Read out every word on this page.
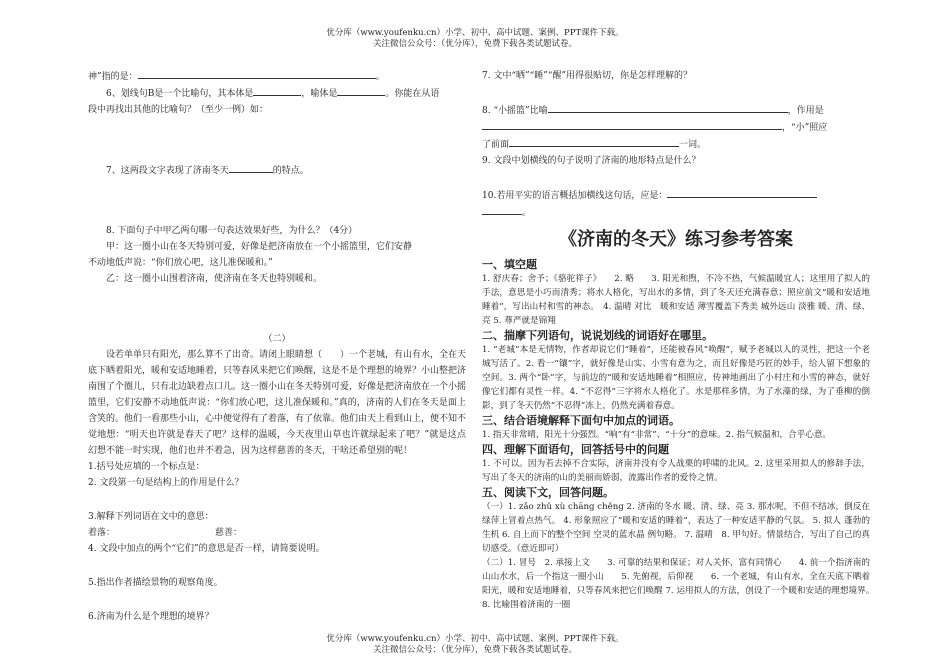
优分库（www.youfenku.cn）小学、初中、高中试题、案例、PPT课件下载。
关注微信公众号：（优分库），免费下载各类试题试卷。

神”指的是：	。

6、划线句B是一个比喻句，其本体是	，喻体是	。你能在从语

段中再找出其他的比喻句？（至少一例）如：

7、这两段文字表现了济南冬天	的特点。

8. 下面句子中甲乙两句哪一句表达效果好些，为什么？（4分）

甲：这一圈小山在冬天特别可爱，好像是把济南放在一个小摇篮里，它们安静

不动地低声说：“你们放心吧，这儿准保暖和。”

乙：这一圈小山围着济南，使济南在冬天也特别暖和。

（二）

设若单单只有阳光，那么算不了出奇。请闭上眼睛想（　　）一个老城，有山有水，全在天底下晒着阳光，暖和安适地睡着，只等春风来把它们唤醒，这是不是个理想的境界？小山整把济南围了个圈儿，只有北边缺着点口儿。这一圈小山在冬天特别可爱，好像是把济南放在一个小摇篮里，它们安静不动地低声说：“你们放心吧，这儿准保暖和。”真的，济南的人们在冬天是面上含笑的。他们一看那些小山，心中便觉得有了着落，有了依靠。他们由天上看到山上，便不知不觉地想：“明天也许就是春天了吧？这样的温暖，今天夜里山草也许就绿起来了吧？”就是这点幻想不能一时实现，他们也并不着急，因为这样慈善的冬天，干啥还希望别的呢！

1.括号处应填的一个标点是：

2. 文段第一句是结构上的作用是什么？

3.解释下列词语在文中的意思：

着落：	慈善：

4. 文段中加点的两个“它们”的意思是否一样，请简要说明。

5.指出作者描绘景物的观察角度。

6.济南为什么是个理想的境界？

7. 文中“晒”“睡”“醒”用得很贴切，你是怎样理解的？

8. “小摇篮”比喻	，作用是

，“小”照应

了前面	一词。

9. 文段中划横线的句子说明了济南的地形特点是什么？

10.若用平实的语言概括加横线这句话，应是：

。

《济南的冬天》练习参考答案

一、填空题

1. 舒庆春；舍予；《骆驼祥子》　　2. 略　　3. 阳光和煦，不冷不热，气候温暖宜人；这里用了拟人的手法，意思是小巧而清秀；将水人格化，写出水的多情，到了冬天还充满春意；照应前文“暖和安适地睡着”，写出山村和雪的神态。　4. 温晴 对比　暖和安适 薄雪覆盖下秀美 城外远山 淡雅 暖、清、绿、亮 5. 尊严就是锦翔

二、揣摩下列语句，说说划线的词语好在哪里。

1. “老城”本是无情物，作者却说它们“睡着”，还能被春风“唤醒”，赋予老城以人的灵性，把这一个老城写活了。2. 看一“镶”字，就好像是山实、小雪有意为之，而且好像是巧匠的妙手，给人留下想象的空间。3. 两个“卧”字，与前边的“暖和安适地睡着”相照应，传神地画出了小村庄和小雪的神态，就好像它们都有灵性一样。4. “不忍得”三字将水人格化了。水是那样多情，为了水藻的绿，为了垂柳的倒影，到了冬天仍然“不忍得”冻上，仍然充满着春意。

三、结合语境解释下面句中加点的词语。

1. 指天非常晴，阳光十分强烈。“响”有“非常”、“十分”的意味。2. 指气候温和，合乎心意。

四、理解下面语句，回答括号中的问题

1. 不可以。因为若去掉不合实际，济南并没有令人战栗的呼啸的北风。2. 这里采用拟人的修辞手法，写出了冬天的济南的山的美丽而娇弱，流露出作者的爱怜之情。

五、阅读下文，回答问题。

（一）1. zǎo zhǔ xù chāng chěng 2. 济南的冬水 暖、清、绿、亮 3. 那水呢，不但不结冰，倒反在绿萍上冒着点热气。 4. 形象照应了“暖和安适的睡着”，表达了一种安适平静的气氛。 5. 拟人 蓬勃的生机 6. 自上而下的整个空间 空灵的蓝水晶 例句略。 7. 温晴　8. 甲句好。情景结合，写出了自己的真切感受。（意近即可）

（二）1. 冒号　2. 承接上文　　3. 可靠的结果和保证；对人关怀，富有同情心　　4. 前一个指济南的山山水水，后一个指这一圈小山　　5. 先俯视，后仰视　　6. 一个老城，有山有水，全在天底下晒着阳光，暖和安适地睡着，只等春风来把它们唤醒 7. 运用拟人的方法，创设了一个暖和安适的理想境界。　　8. 比喻围着济南的一圈

优分库（www.youfenku.cn）小学、初中、高中试题、案例、PPT课件下载。
关注微信公众号：（优分库），免费下载各类试题试卷。
